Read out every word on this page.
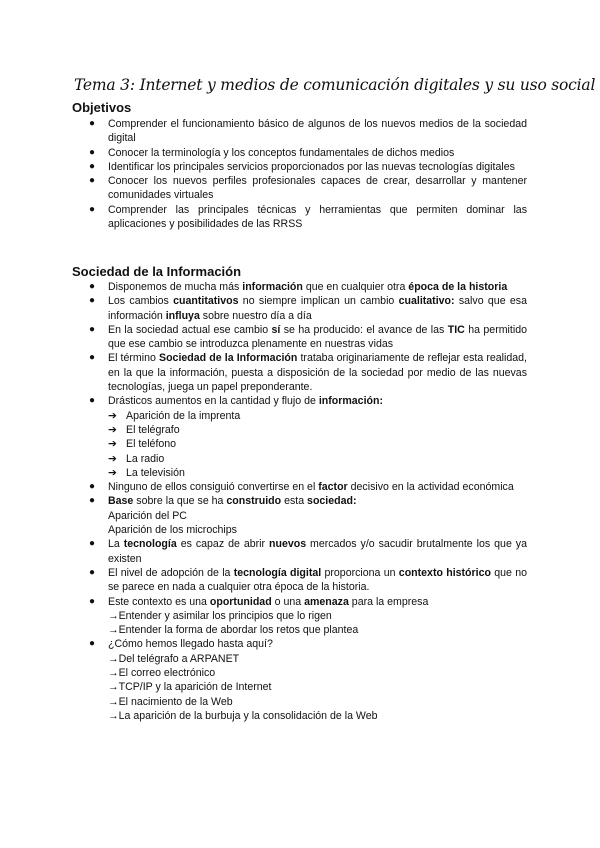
Tema 3: Internet y medios de comunicación digitales y su uso social
Objetivos
● Comprender el funcionamiento básico de algunos de los nuevos medios de la sociedad digital
● Conocer la terminología y los conceptos fundamentales de dichos medios
● Identificar los principales servicios proporcionados por las nuevas tecnologías digitales
● Conocer los nuevos perfiles profesionales capaces de crear, desarrollar y mantener comunidades virtuales
● Comprender las principales técnicas y herramientas que permiten dominar las aplicaciones y posibilidades de las RRSS
Sociedad de la Información
● Disponemos de mucha más información que en cualquier otra época de la historia
● Los cambios cuantitativos no siempre implican un cambio cualitativo: salvo que esa información influya sobre nuestro día a día
● En la sociedad actual ese cambio sí se ha producido: el avance de las TIC ha permitido que ese cambio se introduzca plenamente en nuestras vidas
● El término Sociedad de la Información trataba originariamente de reflejar esta realidad, en la que la información, puesta a disposición de la sociedad por medio de las nuevas tecnologías, juega un papel preponderante.
● Drásticos aumentos en la cantidad y flujo de información:
➔ Aparición de la imprenta
➔ El telégrafo
➔ El teléfono
➔ La radio
➔ La televisión
● Ninguno de ellos consiguió convertirse en el factor decisivo en la actividad económica
● Base sobre la que se ha construido esta sociedad:
Aparición del PC
Aparición de los microchips
● La tecnología es capaz de abrir nuevos mercados y/o sacudir brutalmente los que ya existen
● El nivel de adopción de la tecnología digital proporciona un contexto histórico que no se parece en nada a cualquier otra época de la historia.
● Este contexto es una oportunidad o una amenaza para la empresa
→Entender y asimilar los principios que lo rigen
→Entender la forma de abordar los retos que plantea
● ¿Cómo hemos llegado hasta aquí?
→Del telégrafo a ARPANET
→El correo electrónico
→TCP/IP y la aparición de Internet
→El nacimiento de la Web
→La aparición de la burbuja y la consolidación de la Web
